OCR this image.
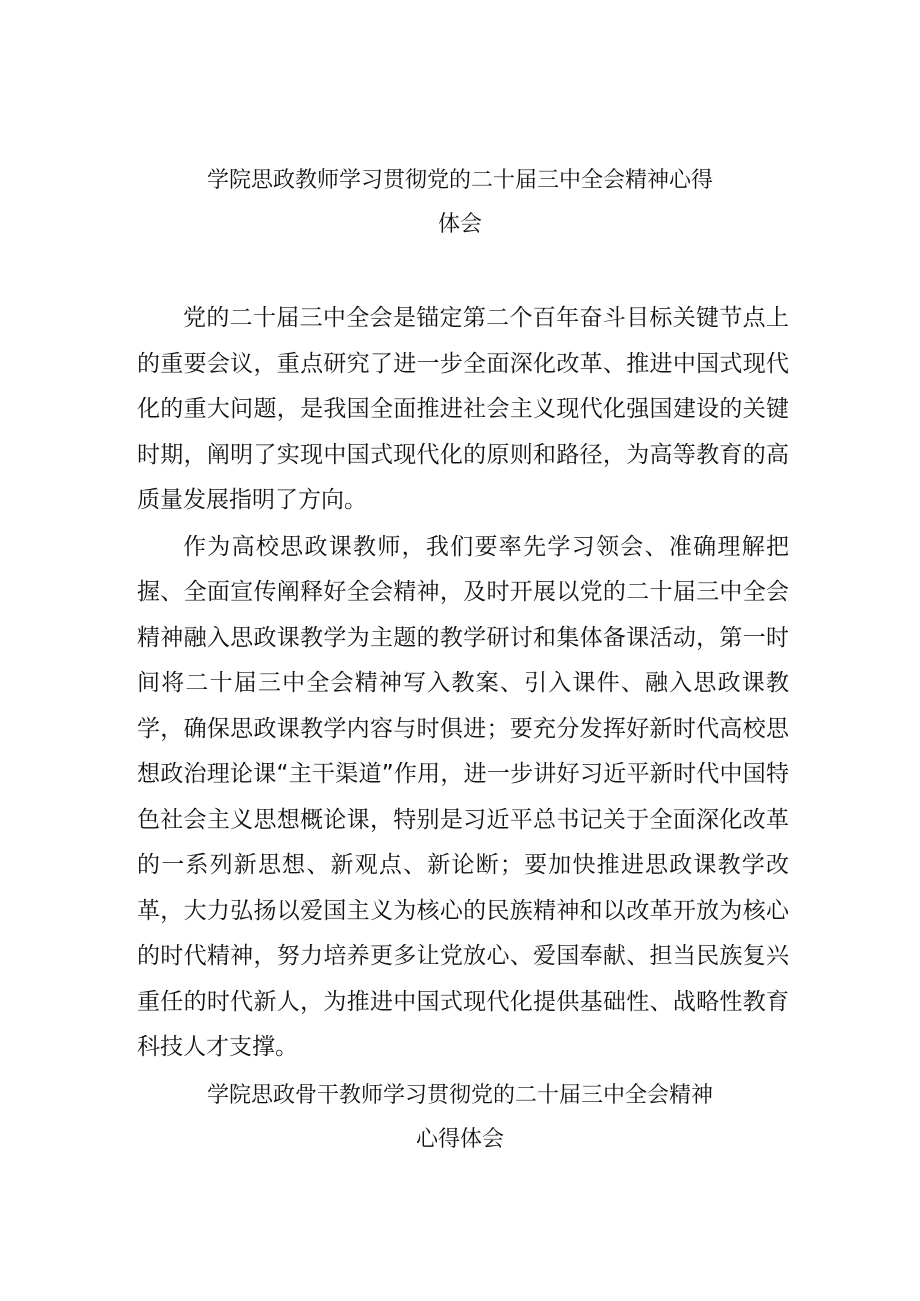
学院思政教师学习贯彻党的二十届三中全会精神心得
体会

党的二十届三中全会是锚定第二个百年奋斗目标关键节点上的重要会议，重点研究了进一步全面深化改革、推进中国式现代化的重大问题，是我国全面推进社会主义现代化强国建设的关键时期，阐明了实现中国式现代化的原则和路径，为高等教育的高质量发展指明了方向。

作为高校思政课教师，我们要率先学习领会、准确理解把握、全面宣传阐释好全会精神，及时开展以党的二十届三中全会精神融入思政课教学为主题的教学研讨和集体备课活动，第一时间将二十届三中全会精神写入教案、引入课件、融入思政课教学，确保思政课教学内容与时俱进；要充分发挥好新时代高校思想政治理论课“主干渠道”作用，进一步讲好习近平新时代中国特色社会主义思想概论课，特别是习近平总书记关于全面深化改革的一系列新思想、新观点、新论断；要加快推进思政课教学改革，大力弘扬以爱国主义为核心的民族精神和以改革开放为核心的时代精神，努力培养更多让党放心、爱国奉献、担当民族复兴重任的时代新人，为推进中国式现代化提供基础性、战略性教育科技人才支撑。

学院思政骨干教师学习贯彻党的二十届三中全会精神
心得体会
